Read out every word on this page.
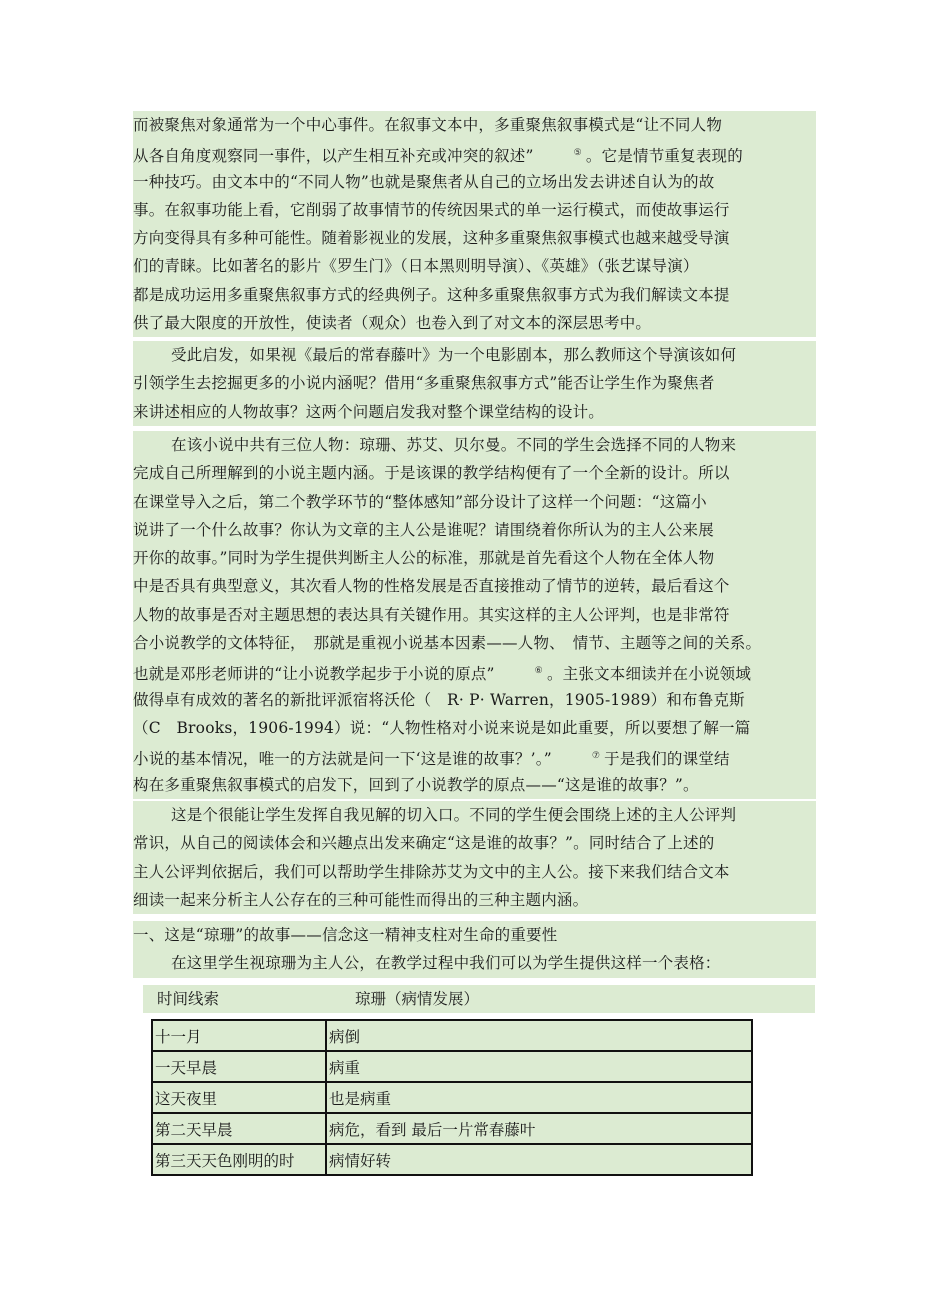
而被聚焦对象通常为一个中心事件。在叙事文本中，多重聚焦叙事模式是“让不同人物
从各自角度观察同一事件，以产生相互补充或冲突的叙述”	⑤ 。它是情节重复表现的
一种技巧。由文本中的“不同人物”也就是聚焦者从自己的立场出发去讲述自认为的故
事。在叙事功能上看，它削弱了故事情节的传统因果式的单一运行模式，而使故事运行
方向变得具有多种可能性。随着影视业的发展，这种多重聚焦叙事模式也越来越受导演
们的青睐。比如著名的影片《罗生门》（日本黑则明导演）、《英雄》（张艺谋导演）
都是成功运用多重聚焦叙事方式的经典例子。这种多重聚焦叙事方式为我们解读文本提
供了最大限度的开放性，使读者（观众）也卷入到了对文本的深层思考中。
受此启发，如果视《最后的常春藤叶》为一个电影剧本，那么教师这个导演该如何
引领学生去挖掘更多的小说内涵呢？借用“多重聚焦叙事方式”能否让学生作为聚焦者
来讲述相应的人物故事？这两个问题启发我对整个课堂结构的设计。
在该小说中共有三位人物：琼珊、苏艾、贝尔曼。不同的学生会选择不同的人物来
完成自己所理解到的小说主题内涵。于是该课的教学结构便有了一个全新的设计。所以
在课堂导入之后，第二个教学环节的“整体感知”部分设计了这样一个问题：“这篇小
说讲了一个什么故事？你认为文章的主人公是谁呢？请围绕着你所认为的主人公来展
开你的故事。”同时为学生提供判断主人公的标准，那就是首先看这个人物在全体人物
中是否具有典型意义，其次看人物的性格发展是否直接推动了情节的逆转，最后看这个
人物的故事是否对主题思想的表达具有关键作用。其实这样的主人公评判，也是非常符
合小说教学的文体特征，　那就是重视小说基本因素——人物、　情节、主题等之间的关系。
也就是邓彤老师讲的“让小说教学起步于小说的原点”	⑥ 。主张文本细读并在小说领域
做得卓有成效的著名的新批评派宿将沃伦（　R· P· Warren，1905-1989）和布鲁克斯
（C　Brooks，1906-1994）说：“人物性格对小说来说是如此重要，所以要想了解一篇
小说的基本情况，唯一的方法就是问一下‘这是谁的故事？’。”	⑦ 于是我们的课堂结
构在多重聚焦叙事模式的启发下，回到了小说教学的原点——“这是谁的故事？”。
这是个很能让学生发挥自我见解的切入口。不同的学生便会围绕上述的主人公评判
常识，从自己的阅读体会和兴趣点出发来确定“这是谁的故事？”。同时结合了上述的
主人公评判依据后，我们可以帮助学生排除苏艾为文中的主人公。接下来我们结合文本
细读一起来分析主人公存在的三种可能性而得出的三种主题内涵。
一、这是“琼珊”的故事——信念这一精神支柱对生命的重要性
在这里学生视琼珊为主人公，在教学过程中我们可以为学生提供这样一个表格：
时间线索	琼珊（病情发展）
十一月	病倒
一天早晨	病重
这天夜里	也是病重
第二天早晨	病危，看到 最后一片常春藤叶
第三天天色刚明的时	病情好转
